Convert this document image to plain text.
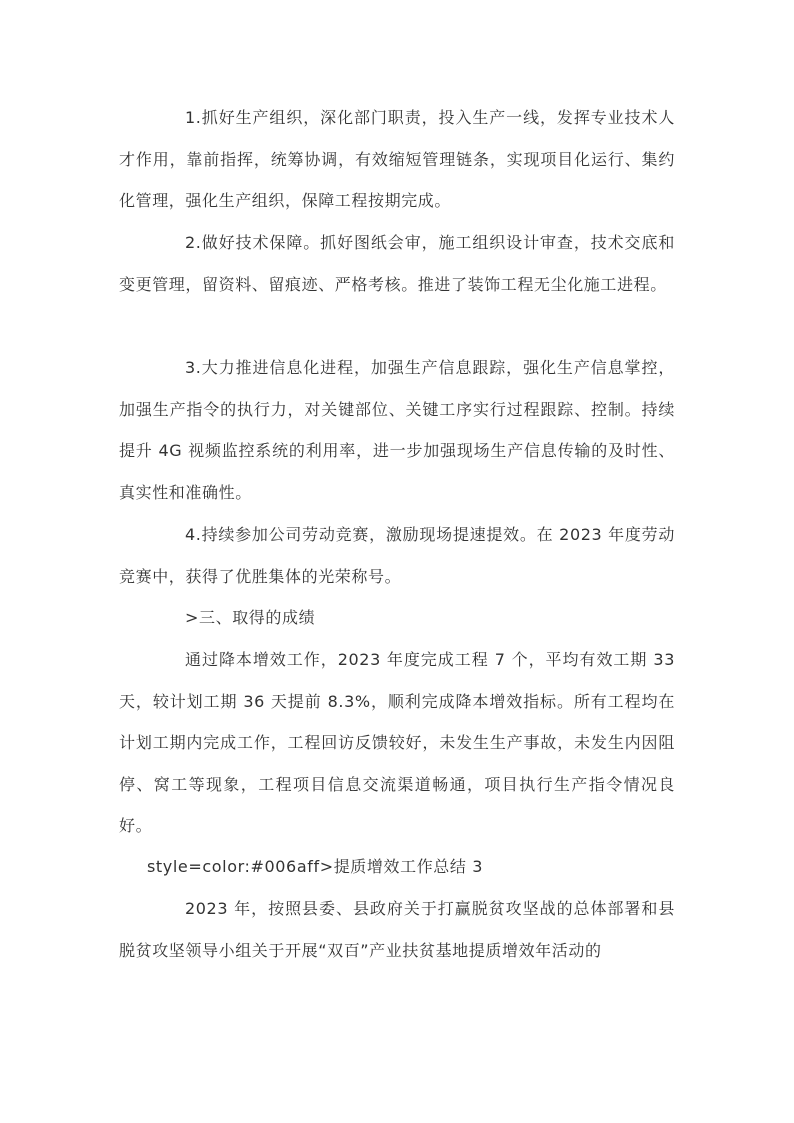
1.抓好生产组织，深化部门职责，投入生产一线，发挥专业技术人才作用，靠前指挥，统筹协调，有效缩短管理链条，实现项目化运行、集约化管理，强化生产组织，保障工程按期完成。

2.做好技术保障。抓好图纸会审，施工组织设计审查，技术交底和变更管理，留资料、留痕迹、严格考核。推进了装饰工程无尘化施工进程。

3.大力推进信息化进程，加强生产信息跟踪，强化生产信息掌控，加强生产指令的执行力，对关键部位、关键工序实行过程跟踪、控制。持续提升 4G 视频监控系统的利用率，进一步加强现场生产信息传输的及时性、真实性和准确性。

4.持续参加公司劳动竞赛，激励现场提速提效。在 2023 年度劳动竞赛中，获得了优胜集体的光荣称号。

>三、取得的成绩

通过降本增效工作，2023 年度完成工程 7 个，平均有效工期 33 天，较计划工期 36 天提前 8.3%，顺利完成降本增效指标。所有工程均在计划工期内完成工作，工程回访反馈较好，未发生生产事故，未发生内因阻停、窝工等现象，工程项目信息交流渠道畅通，项目执行生产指令情况良好。

style=color:#006aff>提质增效工作总结 3

2023 年，按照县委、县政府关于打赢脱贫攻坚战的总体部署和县脱贫攻坚领导小组关于开展“双百”产业扶贫基地提质增效年活动的
